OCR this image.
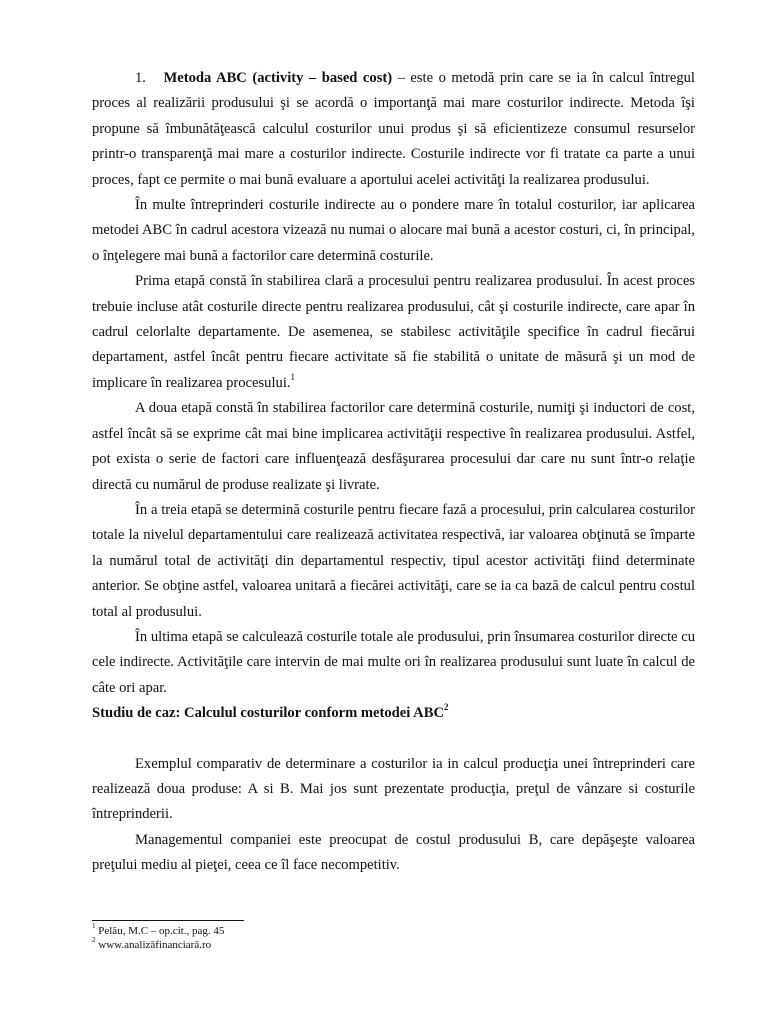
1. Metoda ABC (activity – based cost) – este o metodă prin care se ia în calcul întregul proces al realizării produsului şi se acordă o importanţă mai mare costurilor indirecte. Metoda îşi propune să îmbunătăţească calculul costurilor unui produs şi să eficientizeze consumul resurselor printr-o transparenţă mai mare a costurilor indirecte. Costurile indirecte vor fi tratate ca parte a unui proces, fapt ce permite o mai bună evaluare a aportului acelei activităţi la realizarea produsului.

În multe întreprinderi costurile indirecte au o pondere mare în totalul costurilor, iar aplicarea metodei ABC în cadrul acestora vizează nu numai o alocare mai bună a acestor costuri, ci, în principal, o înţelegere mai bună a factorilor care determină costurile.

Prima etapă constă în stabilirea clară a procesului pentru realizarea produsului. În acest proces trebuie incluse atât costurile directe pentru realizarea produsului, cât şi costurile indirecte, care apar în cadrul celorlalte departamente. De asemenea, se stabilesc activităţile specifice în cadrul fiecărui departament, astfel încât pentru fiecare activitate să fie stabilită o unitate de măsură şi un mod de implicare în realizarea procesului.$^1$

A doua etapă constă în stabilirea factorilor care determină costurile, numiţi şi inductori de cost, astfel încât să se exprime cât mai bine implicarea activităţii respective în realizarea produsului. Astfel, pot exista o serie de factori care influenţează desfăşurarea procesului dar care nu sunt într-o relaţie directă cu numărul de produse realizate şi livrate.

În a treia etapă se determină costurile pentru fiecare fază a procesului, prin calcularea costurilor totale la nivelul departamentului care realizează activitatea respectivă, iar valoarea obţinută se împarte la numărul total de activităţi din departamentul respectiv, tipul acestor activităţi fiind determinate anterior. Se obţine astfel, valoarea unitară a fiecărei activităţi, care se ia ca bază de calcul pentru costul total al produsului.

În ultima etapă se calculează costurile totale ale produsului, prin însumarea costurilor directe cu cele indirecte. Activităţile care intervin de mai multe ori în realizarea produsului sunt luate în calcul de câte ori apar.

Studiu de caz: Calculul costurilor conform metodei ABC$^2$

Exemplul comparativ de determinare a costurilor ia in calcul producţia unei întreprinderi care realizează doua produse: A si B. Mai jos sunt prezentate producţia, preţul de vânzare si costurile întreprinderii.

Managementul companiei este preocupat de costul produsului B, care depăşeşte valoarea preţului mediu al pieţei, ceea ce îl face necompetitiv.

$^1$ Pelău, M.C – op.cit., pag. 45
$^2$ www.analizăfinanciară.ro
